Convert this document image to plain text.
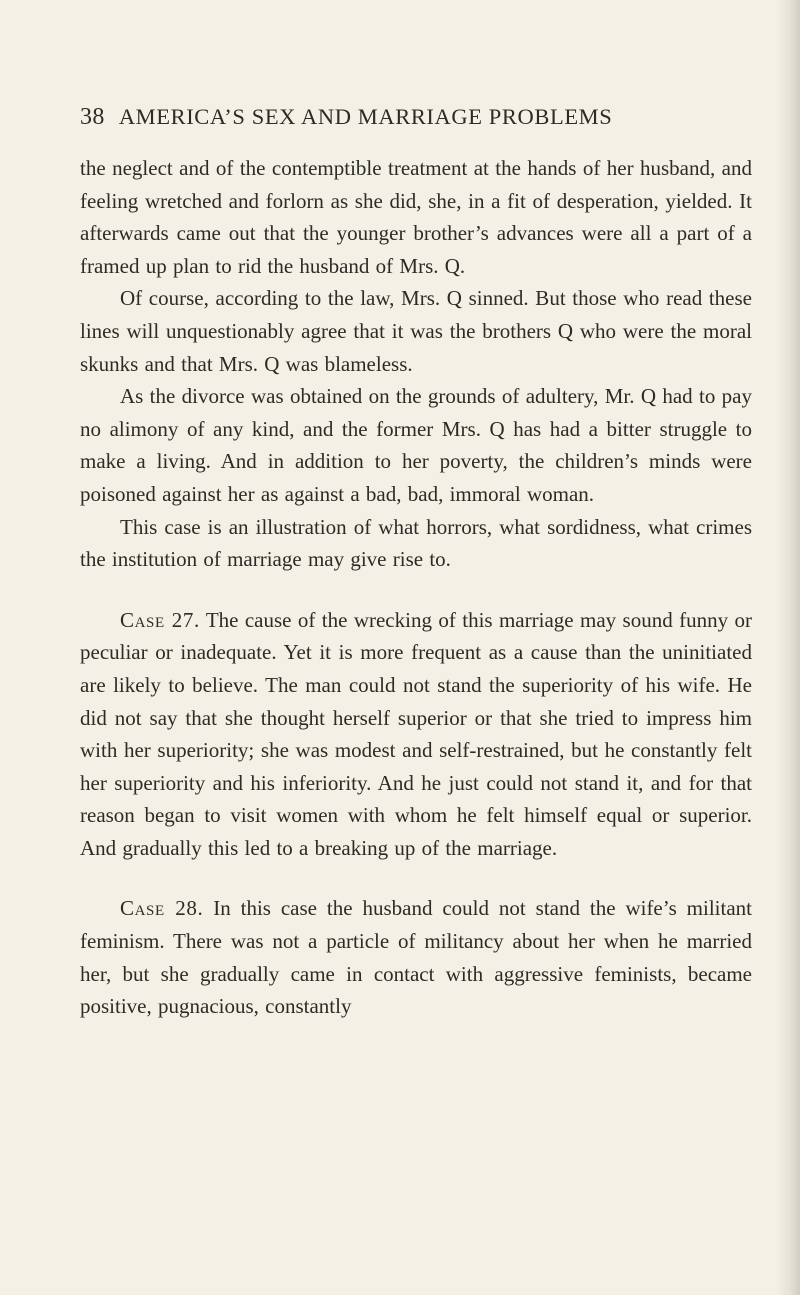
38 AMERICA’S SEX AND MARRIAGE PROBLEMS

the neglect and of the contemptible treatment at the hands of her husband, and feeling wretched and forlorn as she did, she, in a fit of desperation, yielded. It afterwards came out that the younger brother’s advances were all a part of a framed up plan to rid the husband of Mrs. Q.

Of course, according to the law, Mrs. Q sinned. But those who read these lines will unquestionably agree that it was the brothers Q who were the moral skunks and that Mrs. Q was blameless.

As the divorce was obtained on the grounds of adultery, Mr. Q had to pay no alimony of any kind, and the former Mrs. Q has had a bitter struggle to make a living. And in addition to her poverty, the children’s minds were poisoned against her as against a bad, bad, immoral woman.

This case is an illustration of what horrors, what sordidness, what crimes the institution of marriage may give rise to.

Case 27. The cause of the wrecking of this marriage may sound funny or peculiar or inadequate. Yet it is more frequent as a cause than the uninitiated are likely to believe. The man could not stand the superiority of his wife. He did not say that she thought herself superior or that she tried to impress him with her superiority; she was modest and self-restrained, but he constantly felt her superiority and his inferiority. And he just could not stand it, and for that reason began to visit women with whom he felt himself equal or superior. And gradually this led to a breaking up of the marriage.

Case 28. In this case the husband could not stand the wife’s militant feminism. There was not a particle of militancy about her when he married her, but she gradually came in contact with aggressive feminists, became positive, pugnacious, constantly
